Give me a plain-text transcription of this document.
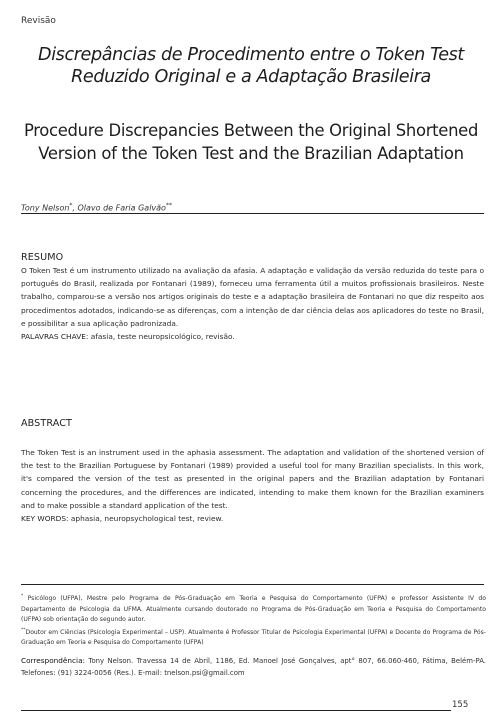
Revisão
Discrepâncias de Procedimento entre o Token Test
Reduzido Original e a Adaptação Brasileira
Procedure Discrepancies Between the Original Shortened
Version of the Token Test and the Brazilian Adaptation
Tony Nelson*, Olavo de Faria Galvão**
RESUMO

O Token Test é um instrumento utilizado na avaliação da afasia. A adaptação e validação da versão reduzida do teste para o português do Brasil, realizada por Fontanari (1989), forneceu uma ferramenta útil a muitos profissionais brasileiros. Neste trabalho, comparou-se a versão nos artigos originais do teste e a adaptação brasileira de Fontanari no que diz respeito aos procedimentos adotados, indicando-se as diferenças, com a intenção de dar ciência delas aos aplicadores do teste no Brasil, e possibilitar a sua aplicação padronizada.

PALAVRAS CHAVE: afasia, teste neuropsicológico, revisão.

ABSTRACT

The Token Test is an instrument used in the aphasia assessment. The adaptation and validation of the shortened version of the test to the Brazilian Portuguese by Fontanari (1989) provided a useful tool for many Brazilian specialists. In this work, it's compared the version of the test as presented in the original papers and the Brazilian adaptation by Fontanari concerning the procedures, and the differences are indicated, intending to make them known for the Brazilian examiners and to make possible a standard application of the test.

KEY WORDS: aphasia, neuropsychological test, review.

* Psicólogo (UFPA), Mestre pelo Programa de Pós-Graduação em Teoria e Pesquisa do Comportamento (UFPA) e professor Assistente IV do Departamento de Psicologia da UFMA. Atualmente cursando doutorado no Programa de Pós-Graduação em Teoria e Pesquisa do Comportamento (UFPA) sob orientação do segundo autor.

**Doutor em Ciências (Psicologia Experimental – USP). Atualmente é Professor Titular de Psicologia Experimental (UFPA) e Docente do Programa de Pós-Graduação em Teoria e Pesquisa do Comportamento (UFPA)

Correspondência: Tony Nelson. Travessa 14 de Abril, 1186, Ed. Manoel José Gonçalves, apt° 807, 66.060-460, Fátima, Belém-PA. Telefones: (91) 3224-0056 (Res.). E-mail: tnelson.psi@gmail.com
155
